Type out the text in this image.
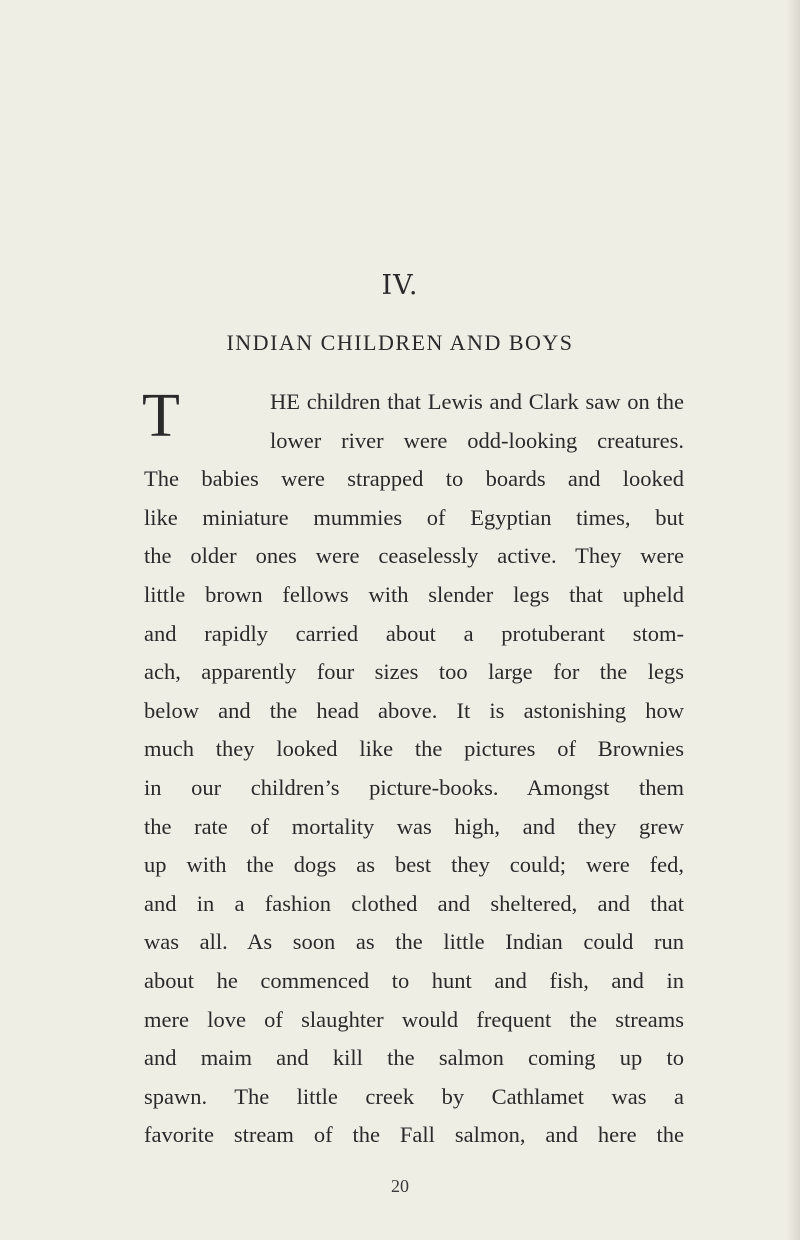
IV.
INDIAN CHILDREN AND BOYS
T	HE children that Lewis and Clark saw on the
lower river were odd-looking creatures.
The babies were strapped to boards and looked
like miniature mummies of Egyptian times, but
the older ones were ceaselessly active. They were
little brown fellows with slender legs that upheld
and rapidly carried about a protuberant stom-
ach, apparently four sizes too large for the legs
below and the head above. It is astonishing how
much they looked like the pictures of Brownies
in our children’s picture-books. Amongst them
the rate of mortality was high, and they grew
up with the dogs as best they could; were fed,
and in a fashion clothed and sheltered, and that
was all. As soon as the little Indian could run
about he commenced to hunt and fish, and in
mere love of slaughter would frequent the streams
and maim and kill the salmon coming up to
spawn. The little creek by Cathlamet was a
favorite stream of the Fall salmon, and here the
20
